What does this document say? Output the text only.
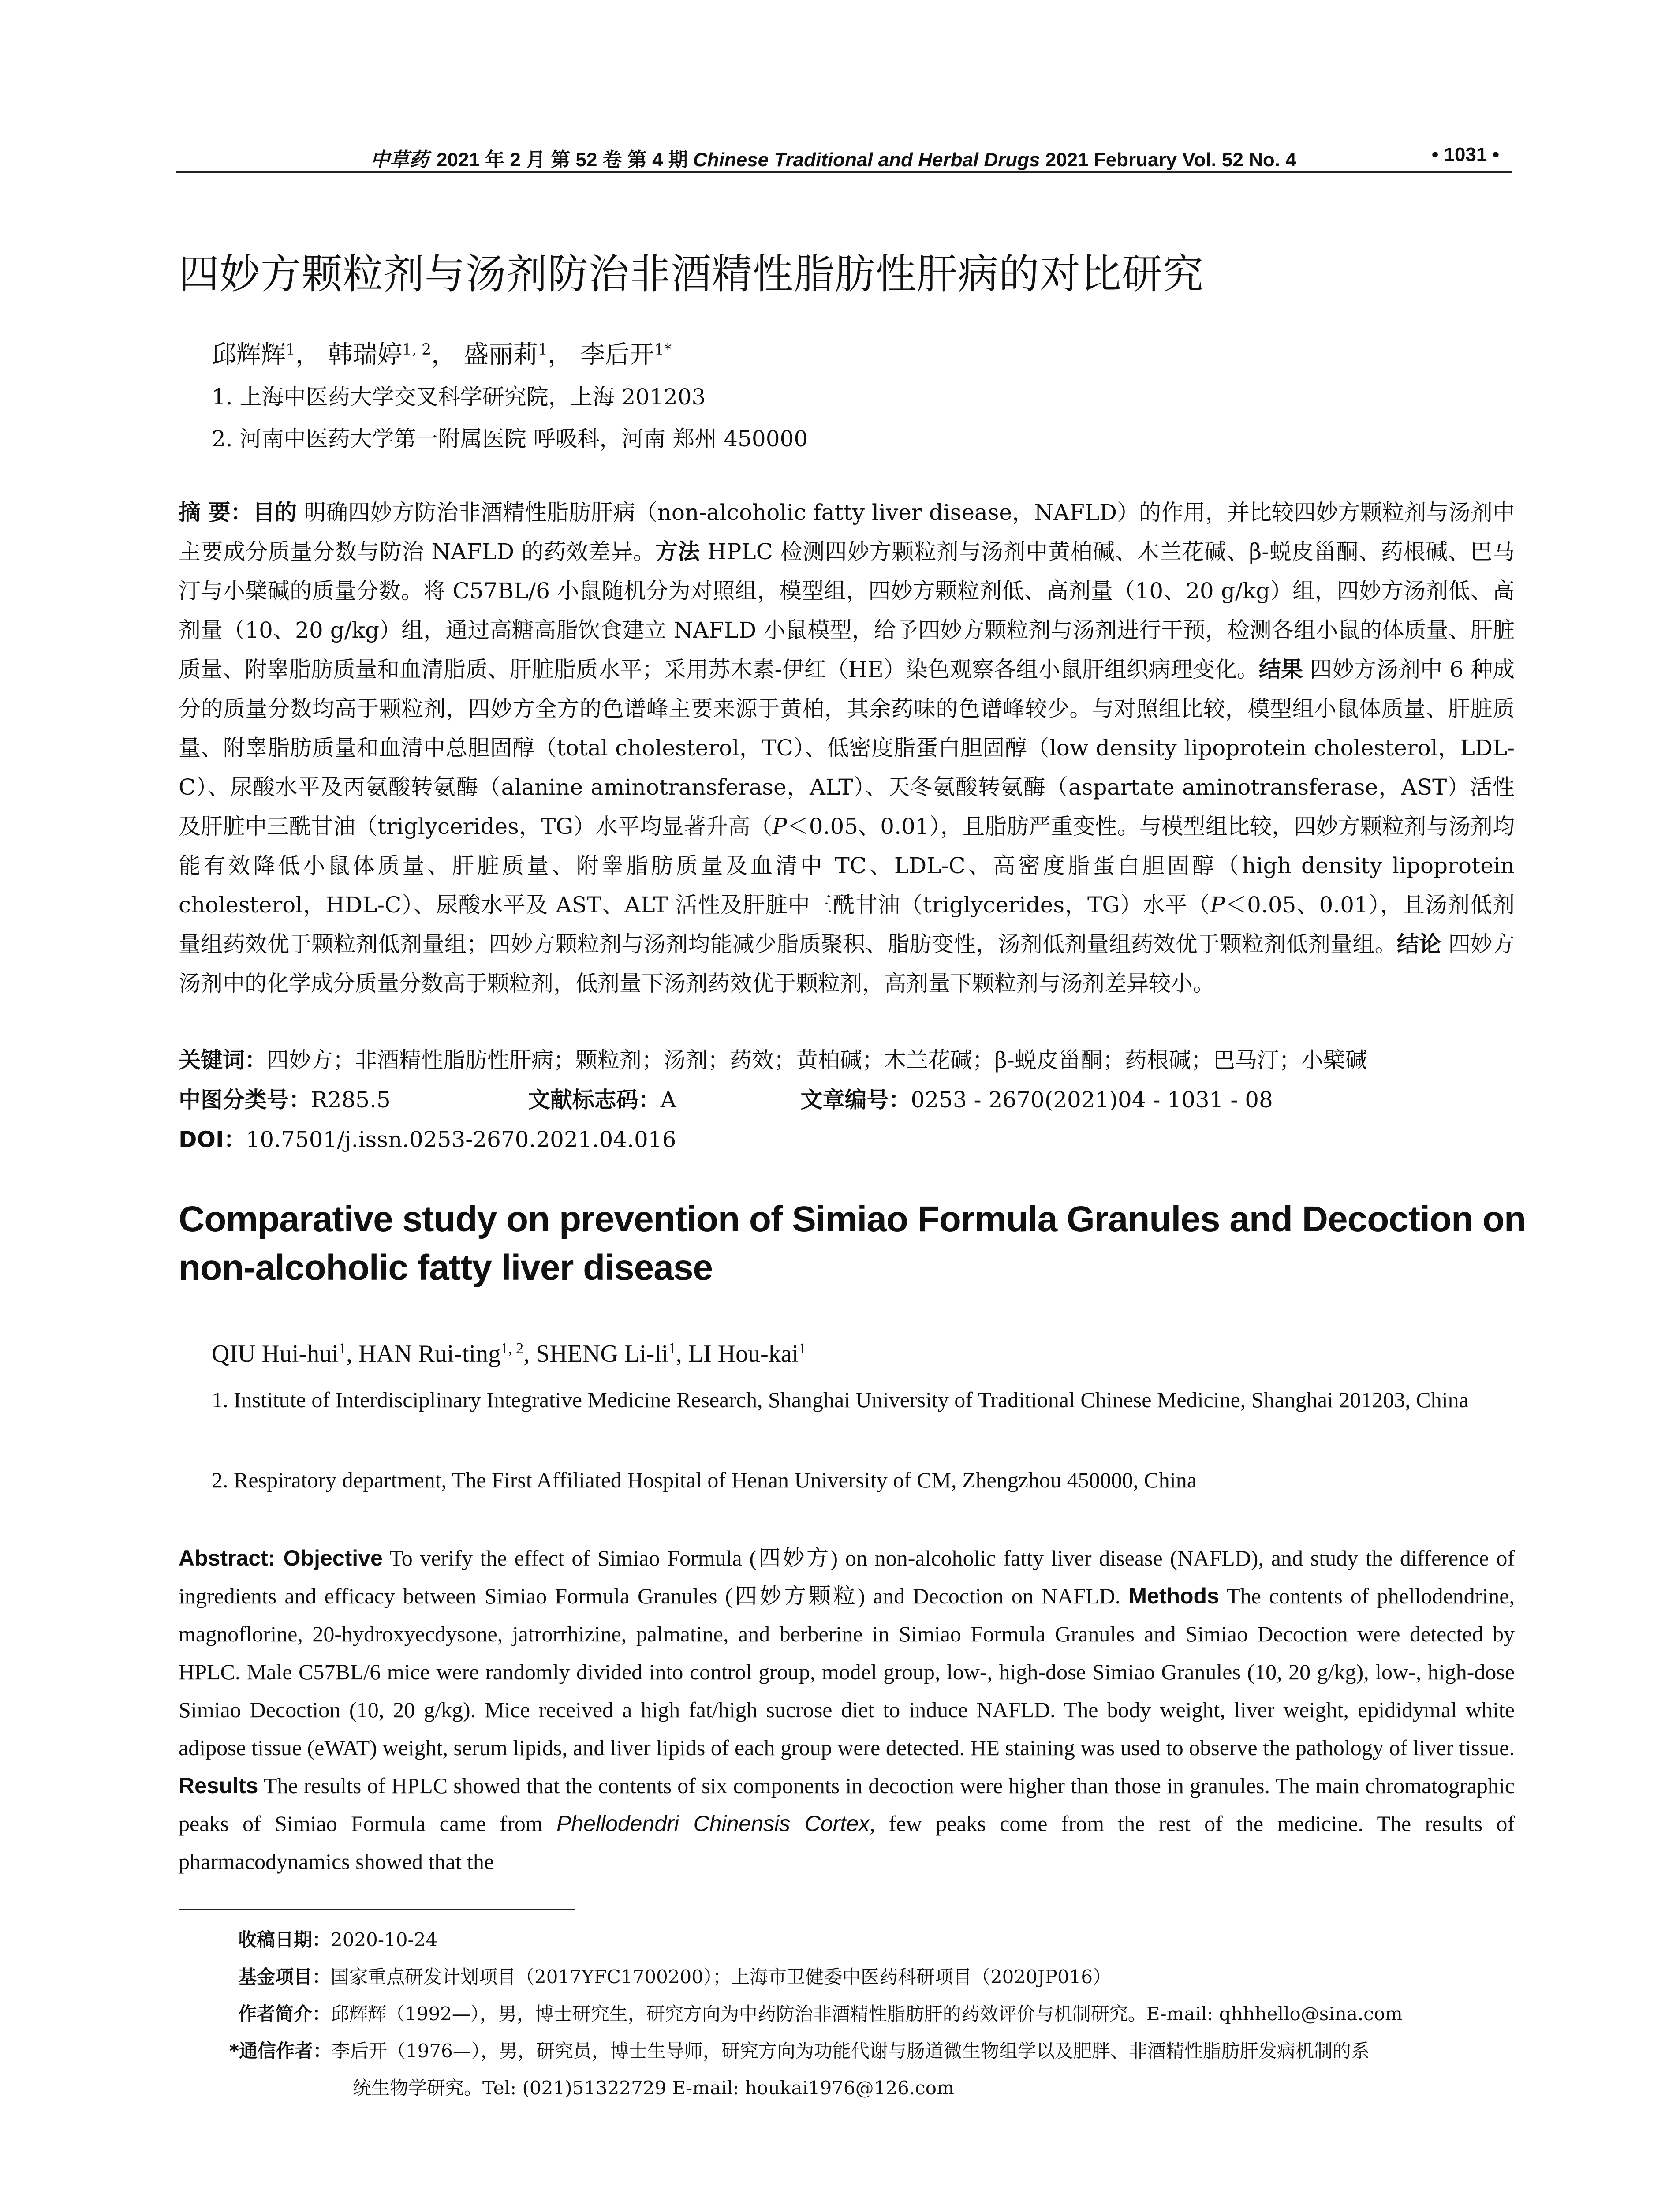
中草药 2021 年 2 月 第 52 卷 第 4 期 Chinese Traditional and Herbal Drugs 2021 February Vol. 52 No. 4	• 1031 •
四妙方颗粒剂与汤剂防治非酒精性脂肪性肝病的对比研究
邱辉辉$^1$， 韩瑞婷$^{1, 2}$， 盛丽莉$^1$， 李后开$^{1*}$
1. 上海中医药大学交叉科学研究院，上海 201203
2. 河南中医药大学第一附属医院 呼吸科，河南 郑州 450000
摘 要：目的 明确四妙方防治非酒精性脂肪肝病（non-alcoholic fatty liver disease，NAFLD）的作用，并比较四妙方颗粒剂与汤剂中主要成分质量分数与防治 NAFLD 的药效差异。方法 HPLC 检测四妙方颗粒剂与汤剂中黄柏碱、木兰花碱、β-蜕皮甾酮、药根碱、巴马汀与小檗碱的质量分数。将 C57BL/6 小鼠随机分为对照组，模型组，四妙方颗粒剂低、高剂量（10、20 g/kg）组，四妙方汤剂低、高剂量（10、20 g/kg）组，通过高糖高脂饮食建立 NAFLD 小鼠模型，给予四妙方颗粒剂与汤剂进行干预，检测各组小鼠的体质量、肝脏质量、附睾脂肪质量和血清脂质、肝脏脂质水平；采用苏木素-伊红（HE）染色观察各组小鼠肝组织病理变化。结果 四妙方汤剂中 6 种成分的质量分数均高于颗粒剂，四妙方全方的色谱峰主要来源于黄柏，其余药味的色谱峰较少。与对照组比较，模型组小鼠体质量、肝脏质量、附睾脂肪质量和血清中总胆固醇（total cholesterol，TC）、低密度脂蛋白胆固醇（low density lipoprotein cholesterol，LDL-C）、尿酸水平及丙氨酸转氨酶（alanine aminotransferase，ALT）、天冬氨酸转氨酶（aspartate aminotransferase，AST）活性及肝脏中三酰甘油（triglycerides，TG）水平均显著升高（P＜0.05、0.01），且脂肪严重变性。与模型组比较，四妙方颗粒剂与汤剂均能有效降低小鼠体质量、肝脏质量、附睾脂肪质量及血清中 TC、LDL-C、高密度脂蛋白胆固醇（high density lipoprotein cholesterol，HDL-C）、尿酸水平及 AST、ALT 活性及肝脏中三酰甘油（triglycerides，TG）水平（P＜0.05、0.01），且汤剂低剂量组药效优于颗粒剂低剂量组；四妙方颗粒剂与汤剂均能减少脂质聚积、脂肪变性，汤剂低剂量组药效优于颗粒剂低剂量组。结论 四妙方汤剂中的化学成分质量分数高于颗粒剂，低剂量下汤剂药效优于颗粒剂，高剂量下颗粒剂与汤剂差异较小。
关键词：四妙方；非酒精性脂肪性肝病；颗粒剂；汤剂；药效；黄柏碱；木兰花碱；β-蜕皮甾酮；药根碱；巴马汀；小檗碱
中图分类号：R285.5	文献标志码：A	文章编号：0253 - 2670(2021)04 - 1031 - 08
DOI：10.7501/j.issn.0253-2670.2021.04.016
Comparative study on prevention of Simiao Formula Granules and Decoction on non-alcoholic fatty liver disease
QIU Hui-hui$^1$, HAN Rui-ting$^{1, 2}$, SHENG $Li-li^1$, LI Hou-kai$^1$
1. Institute of Interdisciplinary Integrative Medicine Research, Shanghai University of Traditional Chinese Medicine, Shanghai 201203, China
2. Respiratory department, The First Affiliated Hospital of Henan University of CM, Zhengzhou 450000, China
Abstract: Objective To verify the effect of Simiao Formula (四妙方) on non-alcoholic fatty liver disease (NAFLD), and study the difference of ingredients and efficacy between Simiao Formula Granules (四妙方颗粒) and Decoction on NAFLD. Methods The contents of phellodendrine, magnoflorine, 20-hydroxyecdysone, jatrorrhizine, palmatine, and berberine in Simiao Formula Granules and Simiao Decoction were detected by HPLC. Male C57BL/6 mice were randomly divided into control group, model group, low-, high-dose Simiao Granules (10, 20 g/kg), low-, high-dose Simiao Decoction (10, 20 g/kg). Mice received a high fat/high sucrose diet to induce NAFLD. The body weight, liver weight, epididymal white adipose tissue (eWAT) weight, serum lipids, and liver lipids of each group were detected. HE staining was used to observe the pathology of liver tissue. Results The results of HPLC showed that the contents of six components in decoction were higher than those in granules. The main chromatographic peaks of Simiao Formula came from Phellodendri Chinensis Cortex, few peaks come from the rest of the medicine. The results of pharmacodynamics showed that the
收稿日期：2020-10-24
基金项目：国家重点研发计划项目（2017YFC1700200）；上海市卫健委中医药科研项目（2020JP016）
作者简介：邱辉辉（1992—），男，博士研究生，研究方向为中药防治非酒精性脂肪肝的药效评价与机制研究。E-mail: qhhhello@sina.com
*通信作者：李后开（1976—），男，研究员，博士生导师，研究方向为功能代谢与肠道微生物组学以及肥胖、非酒精性脂肪肝发病机制的系
统生物学研究。Tel: (021)51322729 E-mail: houkai1976@126.com
